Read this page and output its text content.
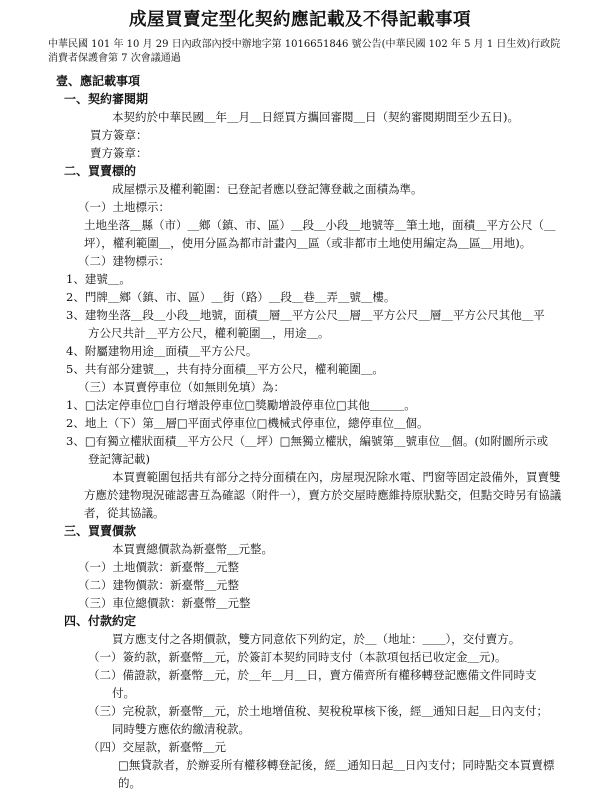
成屋買賣定型化契約應記載及不得記載事項
中華民國 101 年 10 月 29 日內政部內授中辦地字第 1016651846 號公告(中華民國 102 年 5 月 1 日生效)行政院消費者保護會第 7 次會議通過
壹、應記載事項
一、契約審閱期
本契約於中華民國＿年＿月＿日經買方攜回審閱＿日（契約審閱期間至少五日)。
買方簽章：
賣方簽章：
二、買賣標的
成屋標示及權利範圍：已登記者應以登記簿登載之面積為準。
（一）土地標示：
土地坐落＿縣（市）＿鄉（鎮、市、區）＿段＿小段＿地號等＿筆土地，面積＿平方公尺（＿坪），權利範圍＿，使用分區為都市計畫內＿區（或非都市土地使用編定為＿區＿用地)。
（二）建物標示：
1、建號＿。
2、門牌＿鄉（鎮、市、區）＿街（路）＿段＿巷＿弄＿號＿樓。
3、建物坐落＿段＿小段＿地號，面積＿層＿平方公尺＿層＿平方公尺＿層＿平方公尺其他＿平方公尺共計＿平方公尺，權利範圍＿，用途＿。
4、附屬建物用途＿面積＿平方公尺。
5、共有部分建號＿，共有持分面積＿平方公尺，權利範圍＿。
（三）本買賣停車位（如無則免填）為：
1、□法定停車位□自行增設停車位□獎勵增設停車位□其他＿＿＿。
2、地上（下）第＿層□平面式停車位□機械式停車位，總停車位＿個。
3、□有獨立權狀面積＿平方公尺（＿坪）□無獨立權狀，編號第＿號車位＿個。(如附圖所示或登記簿記載)
本買賣範圍包括共有部分之持分面積在內，房屋現況除水電、門窗等固定設備外，買賣雙方應於建物現況確認書互為確認（附件一），賣方於交屋時應維持原狀點交，但點交時另有協議者，從其協議。
三、買賣價款
本買賣總價款為新臺幣＿元整。
（一）土地價款：新臺幣＿元整
（二）建物價款：新臺幣＿元整
（三）車位總價款：新臺幣＿元整
四、付款約定
買方應支付之各期價款，雙方同意依下列約定，於＿（地址：＿＿），交付賣方。
（一）簽約款，新臺幣＿元，於簽訂本契約同時支付（本款項包括已收定金＿元)。
（二）備證款，新臺幣＿元，於＿年＿月＿日，賣方備齊所有權移轉登記應備文件同時支付。
（三）完稅款，新臺幣＿元，於土地增值稅、契稅稅單核下後，經＿通知日起＿日內支付；同時雙方應依約繳清稅款。
（四）交屋款，新臺幣＿元
□無貸款者，於辦妥所有權移轉登記後，經＿通知日起＿日內支付；同時點交本買賣標的。
